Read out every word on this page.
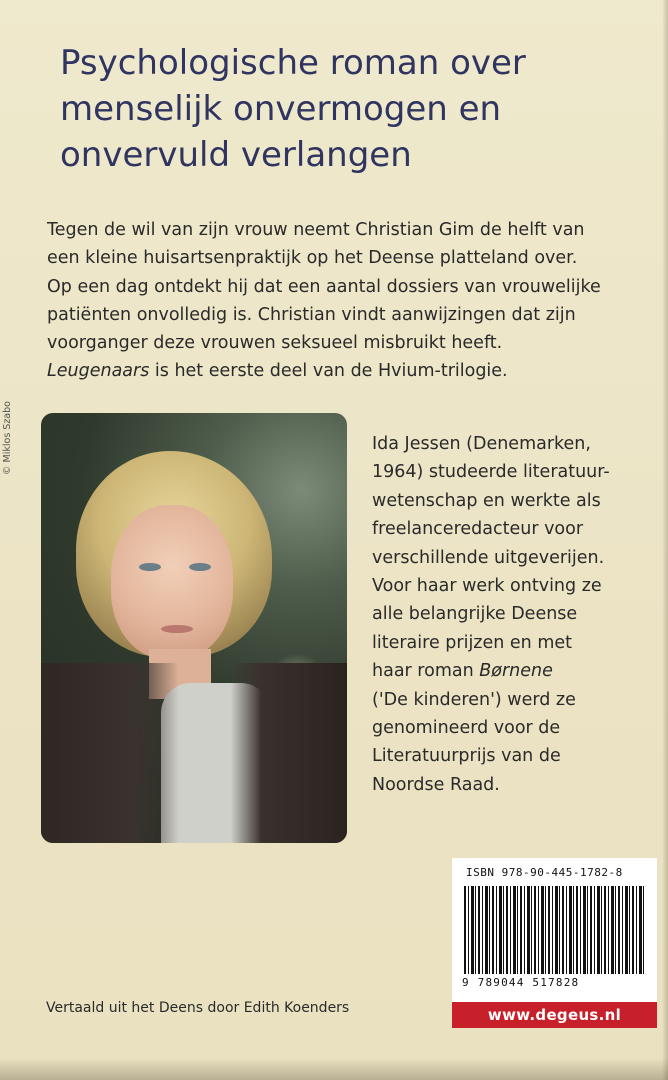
Psychologische roman over
menselijk onvermogen en
onvervuld verlangen
Tegen de wil van zijn vrouw neemt Christian Gim de helft van
een kleine huisartsenpraktijk op het Deense platteland over.
Op een dag ontdekt hij dat een aantal dossiers van vrouwelijke
patiënten onvolledig is. Christian vindt aanwijzingen dat zijn
voorganger deze vrouwen seksueel misbruikt heeft.
Leugenaars is het eerste deel van de Hvium-trilogie.
© Miklos Szabo	Ida Jessen (Denemarken,
1964) studeerde literatuur-
wetenschap en werkte als
freelanceredacteur voor
verschillende uitgeverijen.
Voor haar werk ontving ze
alle belangrijke Deense
literaire prijzen en met
haar roman Børnene
('De kinderen') werd ze
genomineerd voor de
Literatuurprijs van de
Noordse Raad.
ISBN 978-90-445-1782-8
9 789044 517828
www.degeus.nl
Vertaald uit het Deens door Edith Koenders
